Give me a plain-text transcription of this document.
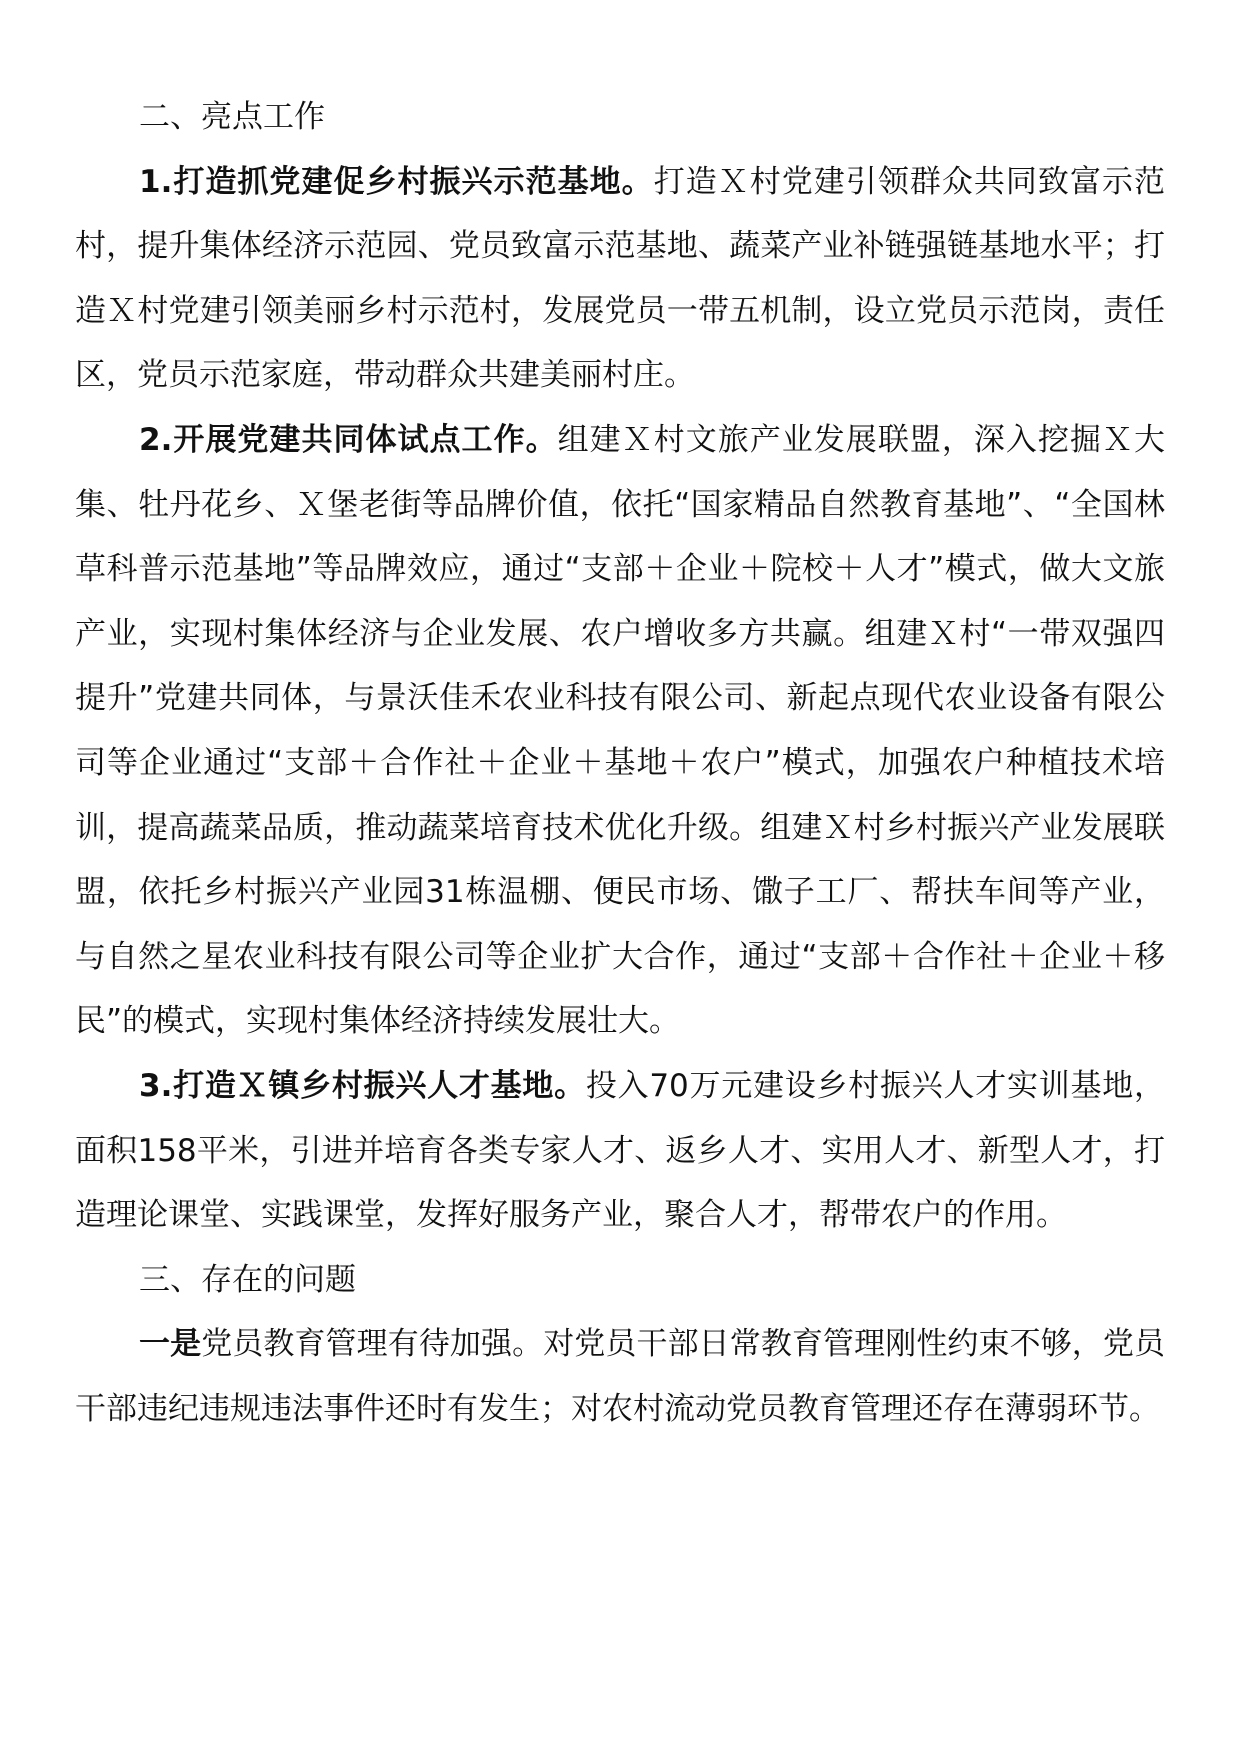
二、亮点工作

1.打造抓党建促乡村振兴示范基地。打造Ｘ村党建引领群众共同致富示范村，提升集体经济示范园、党员致富示范基地、蔬菜产业补链强链基地水平；打造Ｘ村党建引领美丽乡村示范村，发展党员一带五机制，设立党员示范岗，责任区，党员示范家庭，带动群众共建美丽村庄。

2.开展党建共同体试点工作。组建Ｘ村文旅产业发展联盟，深入挖掘Ｘ大集、牡丹花乡、Ｘ堡老街等品牌价值，依托“国家精品自然教育基地”、“全国林草科普示范基地”等品牌效应，通过“支部＋企业＋院校＋人才”模式，做大文旅产业，实现村集体经济与企业发展、农户增收多方共赢。组建Ｘ村“一带双强四提升”党建共同体，与景沃佳禾农业科技有限公司、新起点现代农业设备有限公司等企业通过“支部＋合作社＋企业＋基地＋农户”模式，加强农户种植技术培训，提高蔬菜品质，推动蔬菜培育技术优化升级。组建Ｘ村乡村振兴产业发展联盟，依托乡村振兴产业园31栋温棚、便民市场、馓子工厂、帮扶车间等产业，与自然之星农业科技有限公司等企业扩大合作，通过“支部＋合作社＋企业＋移民”的模式，实现村集体经济持续发展壮大。

3.打造Ｘ镇乡村振兴人才基地。投入70万元建设乡村振兴人才实训基地，面积158平米，引进并培育各类专家人才、返乡人才、实用人才、新型人才，打造理论课堂、实践课堂，发挥好服务产业，聚合人才，帮带农户的作用。

三、存在的问题

一是党员教育管理有待加强。对党员干部日常教育管理刚性约束不够，党员干部违纪违规违法事件还时有发生；对农村流动党员教育管理还存在薄弱环节。
